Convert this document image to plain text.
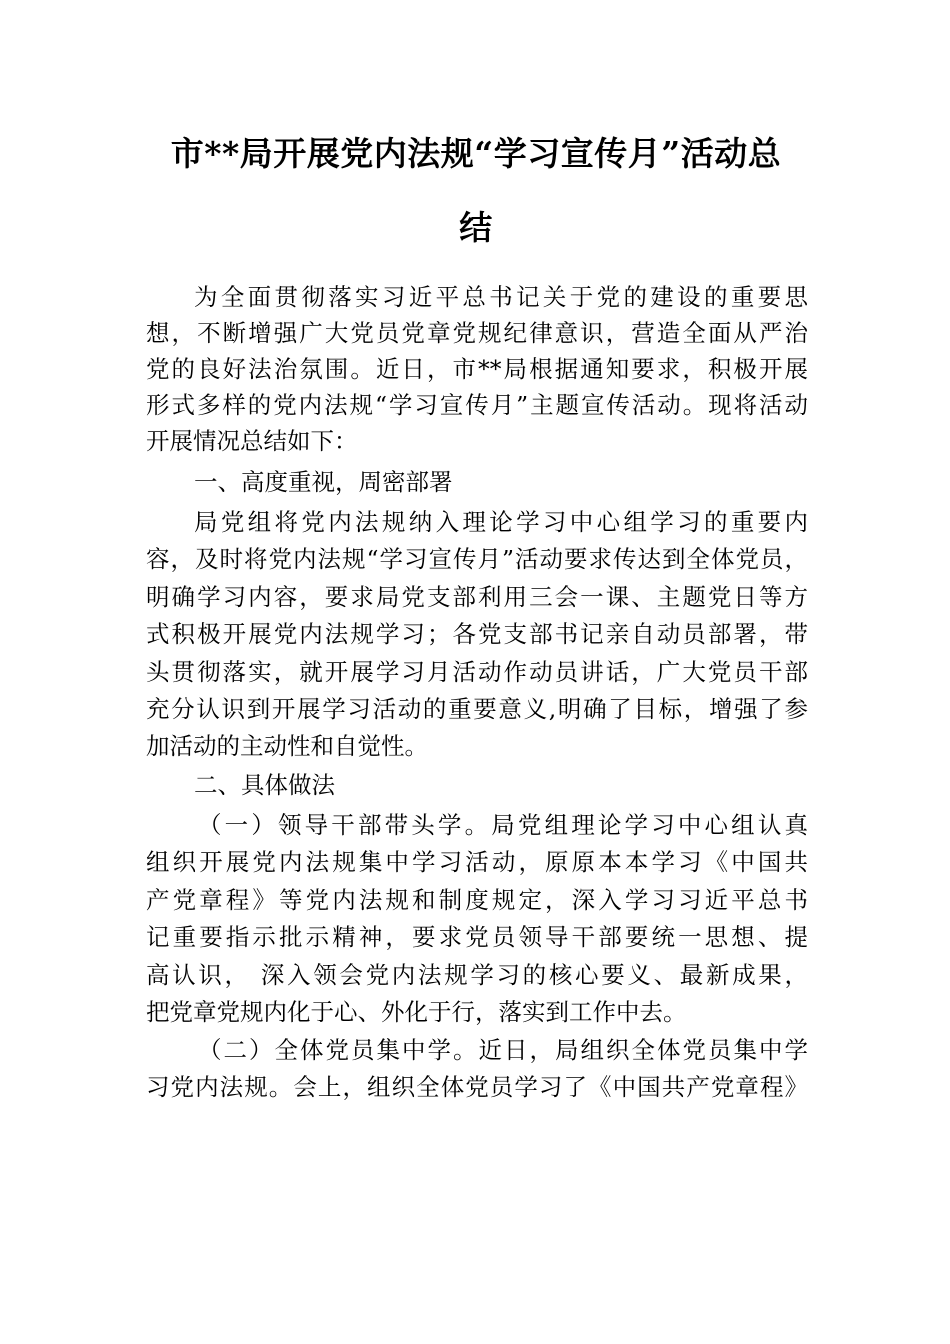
市**局开展党内法规“学习宣传月”活动总
结
为全面贯彻落实习近平总书记关于党的建设的重要思
想，不断增强广大党员党章党规纪律意识，营造全面从严治
党的良好法治氛围。近日，市**局根据通知要求，积极开展
形式多样的党内法规“学习宣传月”主题宣传活动。现将活动
开展情况总结如下：
一、高度重视，周密部署
局党组将党内法规纳入理论学习中心组学习的重要内
容，及时将党内法规“学习宣传月”活动要求传达到全体党员，
明确学习内容，要求局党支部利用三会一课、主题党日等方
式积极开展党内法规学习；各党支部书记亲自动员部署，带
头贯彻落实，就开展学习月活动作动员讲话，广大党员干部
充分认识到开展学习活动的重要意义,明确了目标，增强了参
加活动的主动性和自觉性。
二、具体做法
（一）领导干部带头学。局党组理论学习中心组认真
组织开展党内法规集中学习活动，原原本本学习《中国共
产党章程》等党内法规和制度规定，深入学习习近平总书
记重要指示批示精神，要求党员领导干部要统一思想、提
高认识， 深入领会党内法规学习的核心要义、最新成果，
把党章党规内化于心、外化于行，落实到工作中去。
（二）全体党员集中学。近日，局组织全体党员集中学
习党内法规。会上，组织全体党员学习了《中国共产党章程》
